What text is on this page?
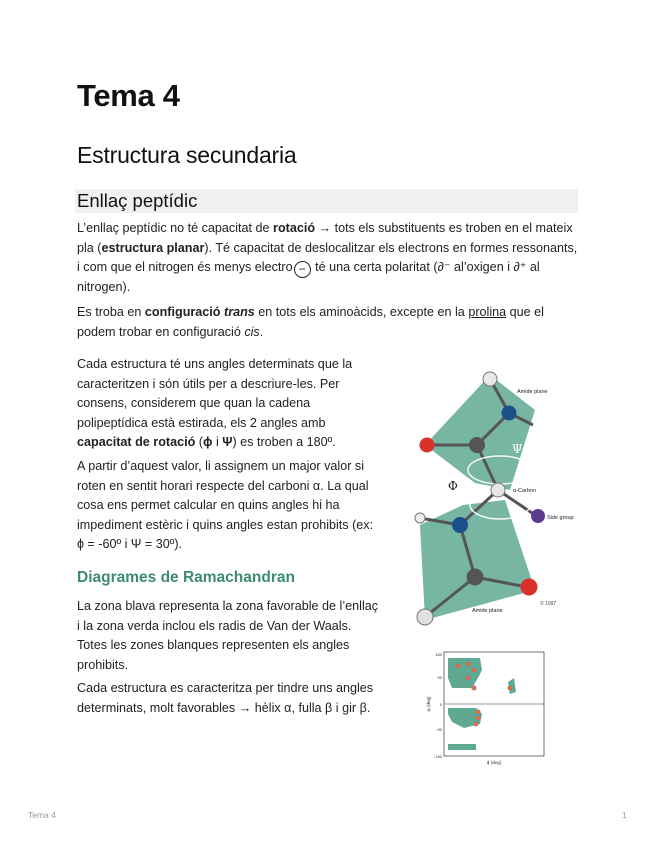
Tema 4
Estructura secundaria
Enllaç peptídic

L’enllaç peptídic no té capacitat de rotació → tots els substituents es troben en el mateix pla (estructura planar). Té capacitat de deslocalitzar els electrons en formes ressonants, i com que el nitrogen és menys electro − té una certa polaritat (∂⁻ al’oxigen i ∂⁺ al nitrogen).

Es troba en configuració trans en tots els aminoàcids, excepte en la prolina que el podem trobar en configuració cis.

Cada estructura té uns angles determinats que la caracteritzen i són útils per a descriure-les. Per consens, considerem que quan la cadena polipeptídica està estirada, els 2 angles amb capacitat de rotació (ɸ i Ψ) es troben a 180º.

A partir d’aquest valor, li assignem un major valor si roten en sentit horari respecte del carboni α. La qual cosa ens permet calcular en quins angles hi ha impediment estèric i quins angles estan prohibits (ex: ɸ = -60º i Ψ = 30º).

Diagrames de Ramachandran

La zona blava representa la zona favorable de l’enllaç i la zona verda inclou els radis de Van der Waals. Totes les zones blanques representen els angles prohibits.

Cada estructura es caracteritza per tindre uns angles determinats, molt favorables → hèlix α, fulla β i gir β.

Amide plane
Ψ
Φ	α-Carbon
Side group
Amide plane
© 1997
180
90
0
-90
-180
ɸ (deg)
ψ (deg)
Tema 4	1
